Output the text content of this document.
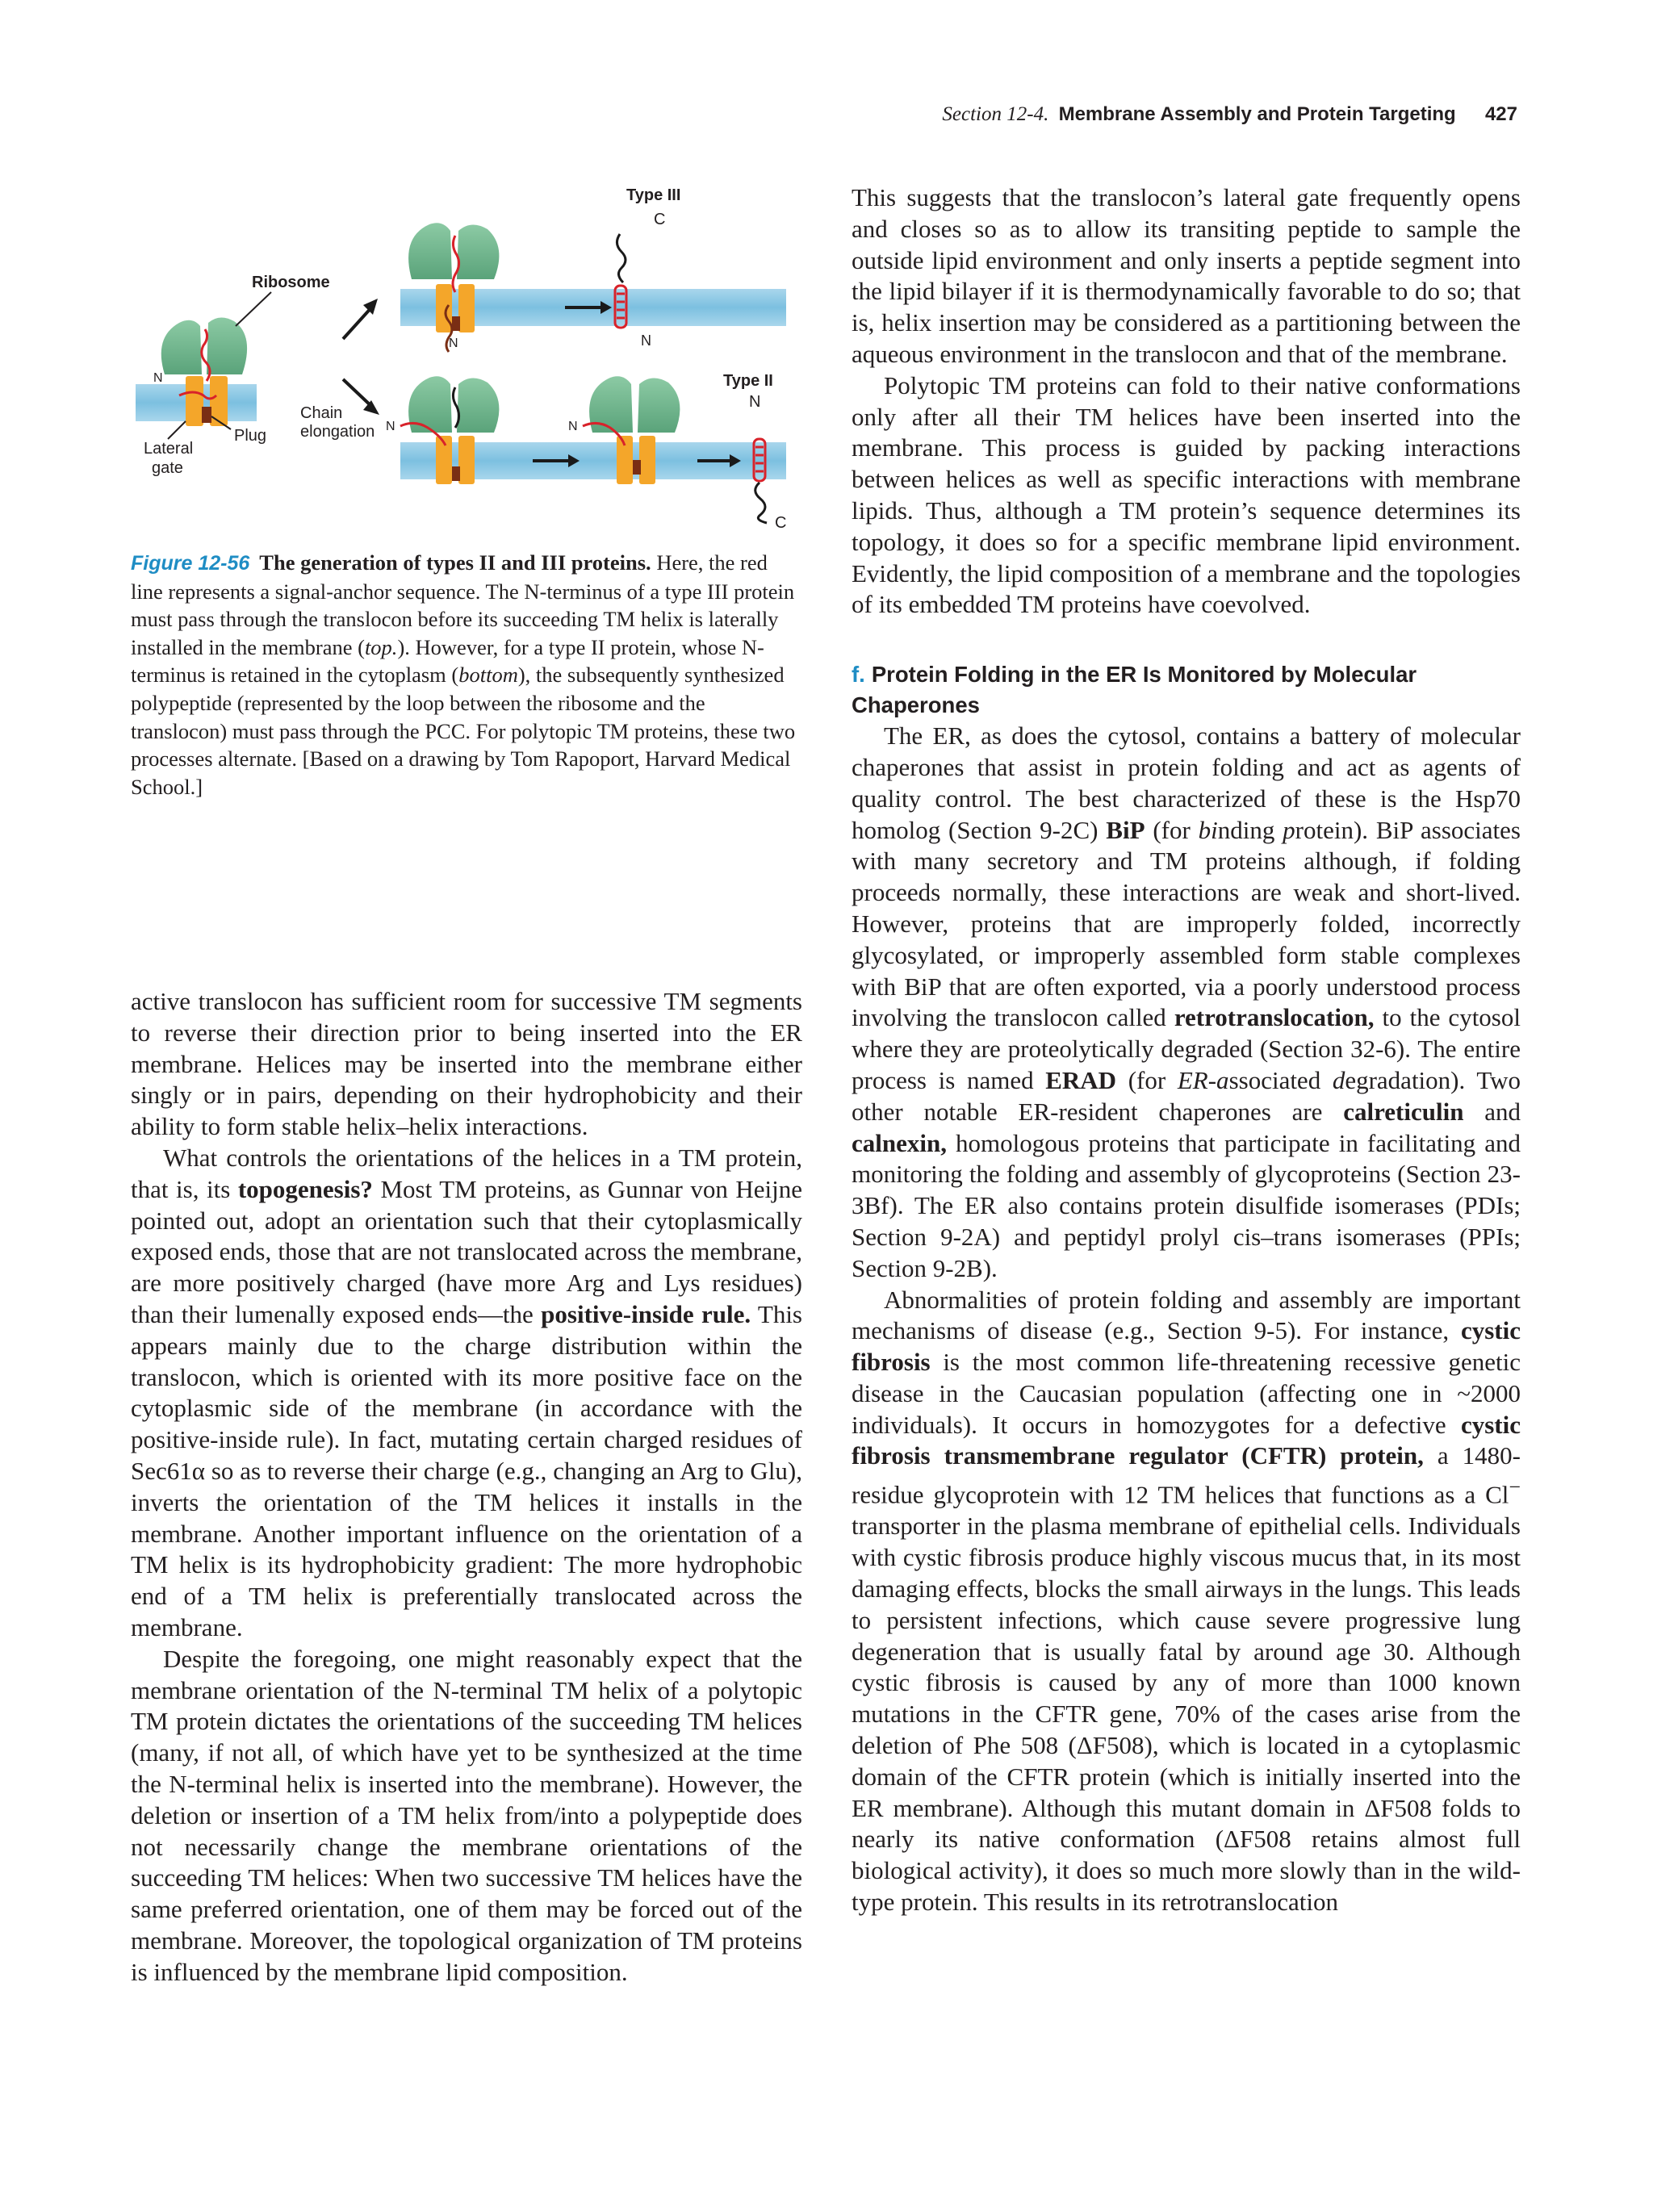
Section 12-4. Membrane Assembly and Protein Targeting 427
Type III
C
Type II
N
C
N
N
Ribosome
Chain
elongation
Plug
Lateral
gate
N
N	N
Figure 12-56 The generation of types II and III proteins. Here, the red line represents a signal-anchor sequence. The N-terminus of a type III protein must pass through the translocon before its succeeding TM helix is laterally installed in the membrane (top.). However, for a type II protein, whose N-terminus is retained in the cytoplasm (bottom), the subsequently synthesized polypeptide (represented by the loop between the ribosome and the translocon) must pass through the PCC. For polytopic TM proteins, these two processes alternate. [Based on a drawing by Tom Rapoport, Harvard Medical School.]

active translocon has sufficient room for successive TM segments to reverse their direction prior to being inserted into the ER membrane. Helices may be inserted into the membrane either singly or in pairs, depending on their hydrophobicity and their ability to form stable helix–helix interactions.

What controls the orientations of the helices in a TM protein, that is, its topogenesis? Most TM proteins, as Gunnar von Heijne pointed out, adopt an orientation such that their cytoplasmically exposed ends, those that are not translocated across the membrane, are more positively charged (have more Arg and Lys residues) than their lumenally exposed ends—the positive-inside rule. This appears mainly due to the charge distribution within the translocon, which is oriented with its more positive face on the cytoplasmic side of the membrane (in accordance with the positive-inside rule). In fact, mutating certain charged residues of Sec61α so as to reverse their charge (e.g., changing an Arg to Glu), inverts the orientation of the TM helices it installs in the membrane. Another important influence on the orientation of a TM helix is its hydrophobicity gradient: The more hydrophobic end of a TM helix is preferentially translocated across the membrane.

Despite the foregoing, one might reasonably expect that the membrane orientation of the N-terminal TM helix of a polytopic TM protein dictates the orientations of the succeeding TM helices (many, if not all, of which have yet to be synthesized at the time the N-terminal helix is inserted into the membrane). However, the deletion or insertion of a TM helix from/into a polypeptide does not necessarily change the membrane orientations of the succeeding TM helices: When two successive TM helices have the same preferred orientation, one of them may be forced out of the membrane. Moreover, the topological organization of TM proteins is influenced by the membrane lipid composition.

This suggests that the translocon’s lateral gate frequently opens and closes so as to allow its transiting peptide to sample the outside lipid environment and only inserts a peptide segment into the lipid bilayer if it is thermodynamically favorable to do so; that is, helix insertion may be considered as a partitioning between the aqueous environment in the translocon and that of the membrane.

Polytopic TM proteins can fold to their native conformations only after all their TM helices have been inserted into the membrane. This process is guided by packing interactions between helices as well as specific interactions with membrane lipids. Thus, although a TM protein’s sequence determines its topology, it does so for a specific membrane lipid environment. Evidently, the lipid composition of a membrane and the topologies of its embedded TM proteins have coevolved.

f. Protein Folding in the ER Is Monitored by Molecular Chaperones

The ER, as does the cytosol, contains a battery of molecular chaperones that assist in protein folding and act as agents of quality control. The best characterized of these is the Hsp70 homolog (Section 9-2C) BiP (for binding protein). BiP associates with many secretory and TM proteins although, if folding proceeds normally, these interactions are weak and short-lived. However, proteins that are improperly folded, incorrectly glycosylated, or improperly assembled form stable complexes with BiP that are often exported, via a poorly understood process involving the translocon called retrotranslocation, to the cytosol where they are proteolytically degraded (Section 32-6). The entire process is named ERAD (for ER-associated degradation). Two other notable ER-resident chaperones are calreticulin and calnexin, homologous proteins that participate in facilitating and monitoring the folding and assembly of glycoproteins (Section 23-3Bf). The ER also contains protein disulfide isomerases (PDIs; Section 9-2A) and peptidyl prolyl cis–trans isomerases (PPIs; Section 9-2B).

Abnormalities of protein folding and assembly are important mechanisms of disease (e.g., Section 9-5). For instance, cystic fibrosis is the most common life-threatening recessive genetic disease in the Caucasian population (affecting one in ~2000 individuals). It occurs in homozygotes for a defective cystic fibrosis transmembrane regulator (CFTR) protein, a 1480-residue glycoprotein with 12 TM helices that functions as a Cl− transporter in the plasma membrane of epithelial cells. Individuals with cystic fibrosis produce highly viscous mucus that, in its most damaging effects, blocks the small airways in the lungs. This leads to persistent infections, which cause severe progressive lung degeneration that is usually fatal by around age 30. Although cystic fibrosis is caused by any of more than 1000 known mutations in the CFTR gene, 70% of the cases arise from the deletion of Phe 508 (ΔF508), which is located in a cytoplasmic domain of the CFTR protein (which is initially inserted into the ER membrane). Although this mutant domain in ΔF508 folds to nearly its native conformation (ΔF508 retains almost full biological activity), it does so much more slowly than in the wild-type protein. This results in its retrotranslocation
